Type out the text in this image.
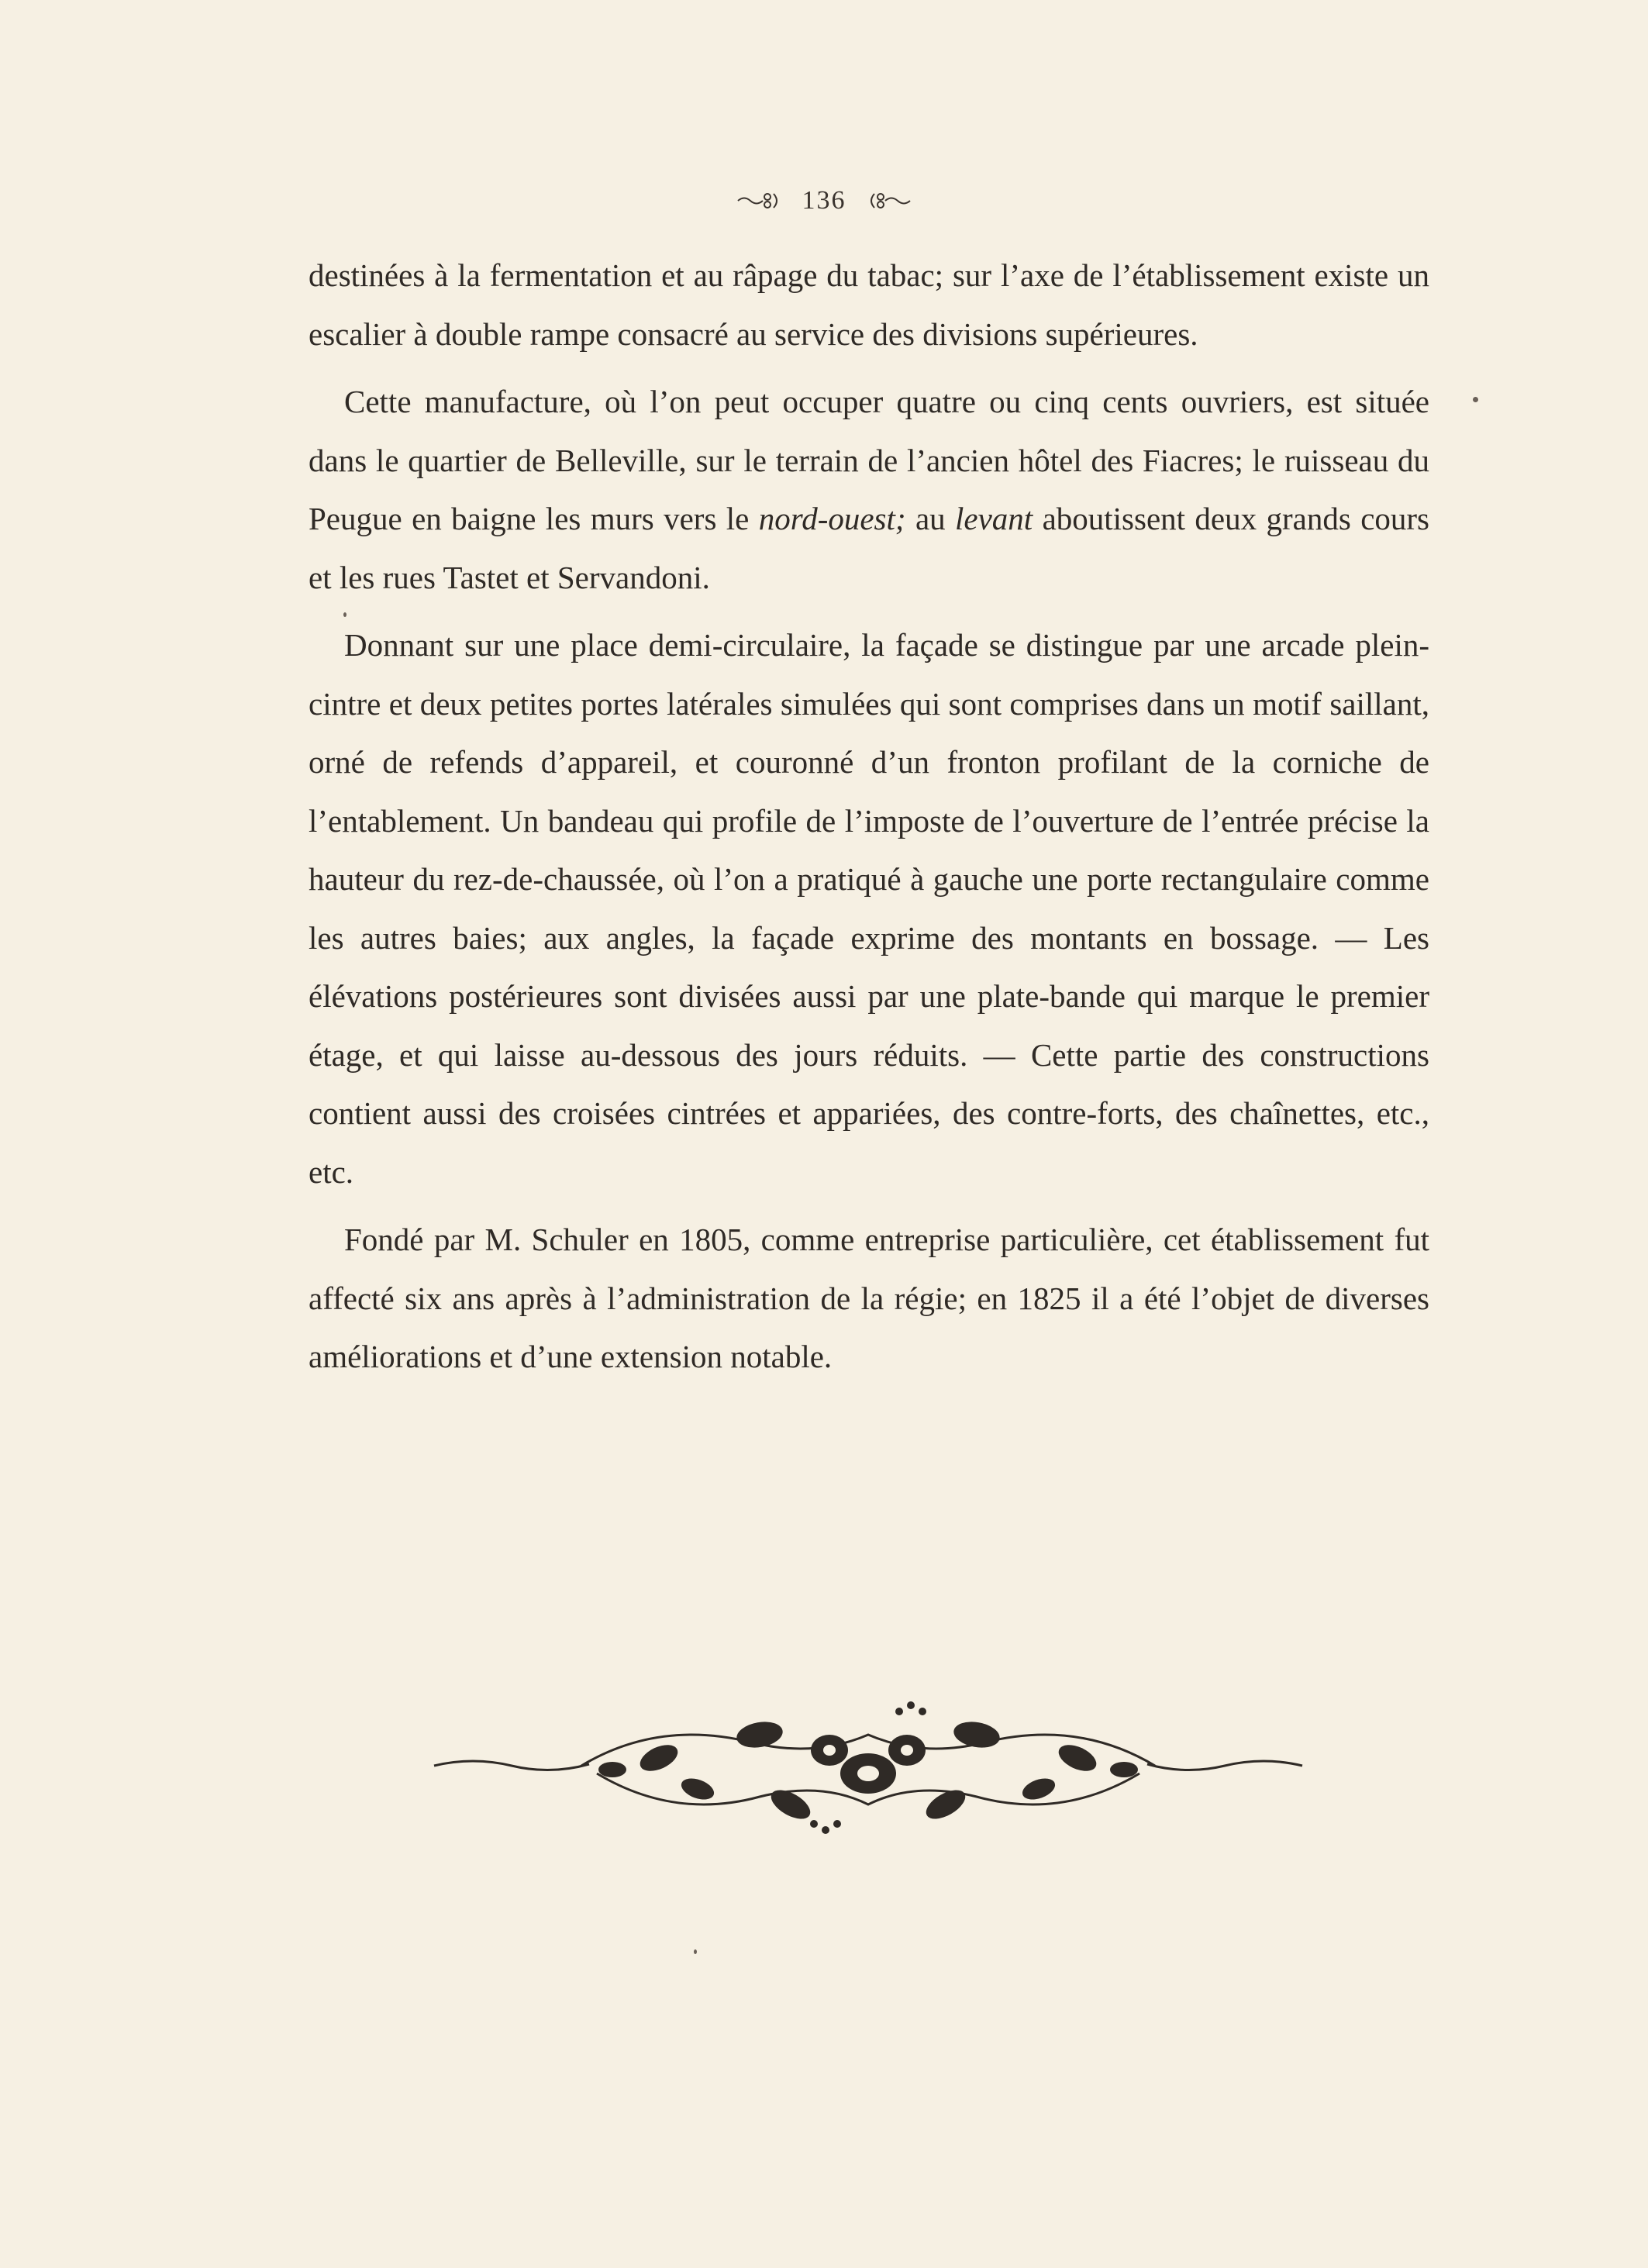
136

destinées à la fermentation et au râpage du tabac; sur l’axe de l’établissement existe un escalier à double rampe consacré au service des divisions supérieures.

Cette manufacture, où l’on peut occuper quatre ou cinq cents ouvriers, est située dans le quartier de Belleville, sur le terrain de l’ancien hôtel des Fiacres; le ruisseau du Peugue en baigne les murs vers le nord-ouest; au levant aboutissent deux grands cours et les rues Tastet et Servandoni.

Donnant sur une place demi-circulaire, la façade se distingue par une arcade plein-cintre et deux petites portes latérales simulées qui sont comprises dans un motif saillant, orné de refends d’appareil, et couronné d’un fronton profilant de la corniche de l’entablement. Un bandeau qui profile de l’imposte de l’ouverture de l’entrée précise la hauteur du rez-de-chaussée, où l’on a pratiqué à gauche une porte rectangulaire comme les autres baies; aux angles, la façade exprime des montants en bossage. — Les élévations postérieures sont divisées aussi par une plate-bande qui marque le premier étage, et qui laisse au-dessous des jours réduits. — Cette partie des constructions contient aussi des croisées cintrées et appariées, des contre-forts, des chaînettes, etc., etc.

Fondé par M. Schuler en 1805, comme entreprise particulière, cet établissement fut affecté six ans après à l’administration de la régie; en 1825 il a été l’objet de diverses améliorations et d’une extension notable.
